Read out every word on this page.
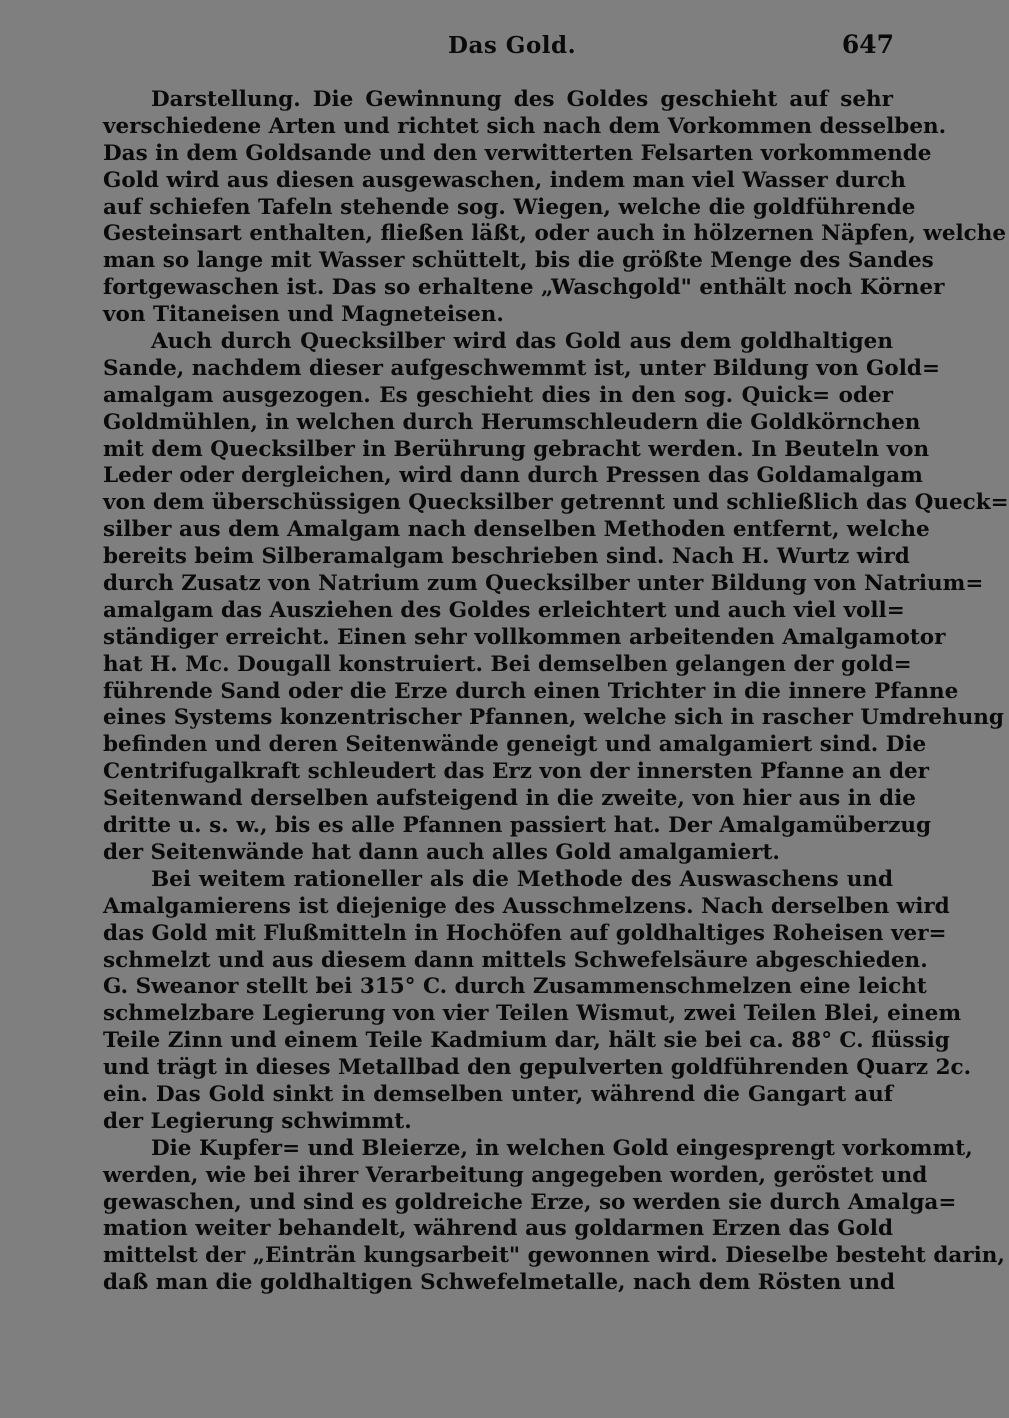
Das Gold.	647
Darstellung. Die Gewinnung des Goldes geschieht auf sehr
verschiedene Arten und richtet sich nach dem Vorkommen desselben.
Das in dem Goldsande und den verwitterten Felsarten vorkommende
Gold wird aus diesen ausgewaschen, indem man viel Wasser durch
auf schiefen Tafeln stehende sog. Wiegen, welche die goldführende
Gesteinsart enthalten, fließen läßt, oder auch in hölzernen Näpfen, welche
man so lange mit Wasser schüttelt, bis die größte Menge des Sandes
fortgewaschen ist. Das so erhaltene „Waschgold" enthält noch Körner
von Titaneisen und Magneteisen.
Auch durch Quecksilber wird das Gold aus dem goldhaltigen
Sande, nachdem dieser aufgeschwemmt ist, unter Bildung von Gold=
amalgam ausgezogen. Es geschieht dies in den sog. Quick= oder
Goldmühlen, in welchen durch Herumschleudern die Goldkörnchen
mit dem Quecksilber in Berührung gebracht werden. In Beuteln von
Leder oder dergleichen, wird dann durch Pressen das Goldamalgam
von dem überschüssigen Quecksilber getrennt und schließlich das Queck=
silber aus dem Amalgam nach denselben Methoden entfernt, welche
bereits beim Silberamalgam beschrieben sind. Nach H. Wurtz wird
durch Zusatz von Natrium zum Quecksilber unter Bildung von Natrium=
amalgam das Ausziehen des Goldes erleichtert und auch viel voll=
ständiger erreicht. Einen sehr vollkommen arbeitenden Amalgamotor
hat H. Mc. Dougall konstruiert. Bei demselben gelangen der gold=
führende Sand oder die Erze durch einen Trichter in die innere Pfanne
eines Systems konzentrischer Pfannen, welche sich in rascher Umdrehung
befinden und deren Seitenwände geneigt und amalgamiert sind. Die
Centrifugalkraft schleudert das Erz von der innersten Pfanne an der
Seitenwand derselben aufsteigend in die zweite, von hier aus in die
dritte u. s. w., bis es alle Pfannen passiert hat. Der Amalgamüberzug
der Seitenwände hat dann auch alles Gold amalgamiert.
Bei weitem rationeller als die Methode des Auswaschens und
Amalgamierens ist diejenige des Ausschmelzens. Nach derselben wird
das Gold mit Flußmitteln in Hochöfen auf goldhaltiges Roheisen ver=
schmelzt und aus diesem dann mittels Schwefelsäure abgeschieden.
G. Sweanor stellt bei 315° C. durch Zusammenschmelzen eine leicht
schmelzbare Legierung von vier Teilen Wismut, zwei Teilen Blei, einem
Teile Zinn und einem Teile Kadmium dar, hält sie bei ca. 88° C. flüssig
und trägt in dieses Metallbad den gepulverten goldführenden Quarz 2c.
ein. Das Gold sinkt in demselben unter, während die Gangart auf
der Legierung schwimmt.
Die Kupfer= und Bleierze, in welchen Gold eingesprengt vorkommt,
werden, wie bei ihrer Verarbeitung angegeben worden, geröstet und
gewaschen, und sind es goldreiche Erze, so werden sie durch Amalga=
mation weiter behandelt, während aus goldarmen Erzen das Gold
mittelst der „Einträn kungsarbeit" gewonnen wird. Dieselbe besteht darin,
daß man die goldhaltigen Schwefelmetalle, nach dem Rösten und
